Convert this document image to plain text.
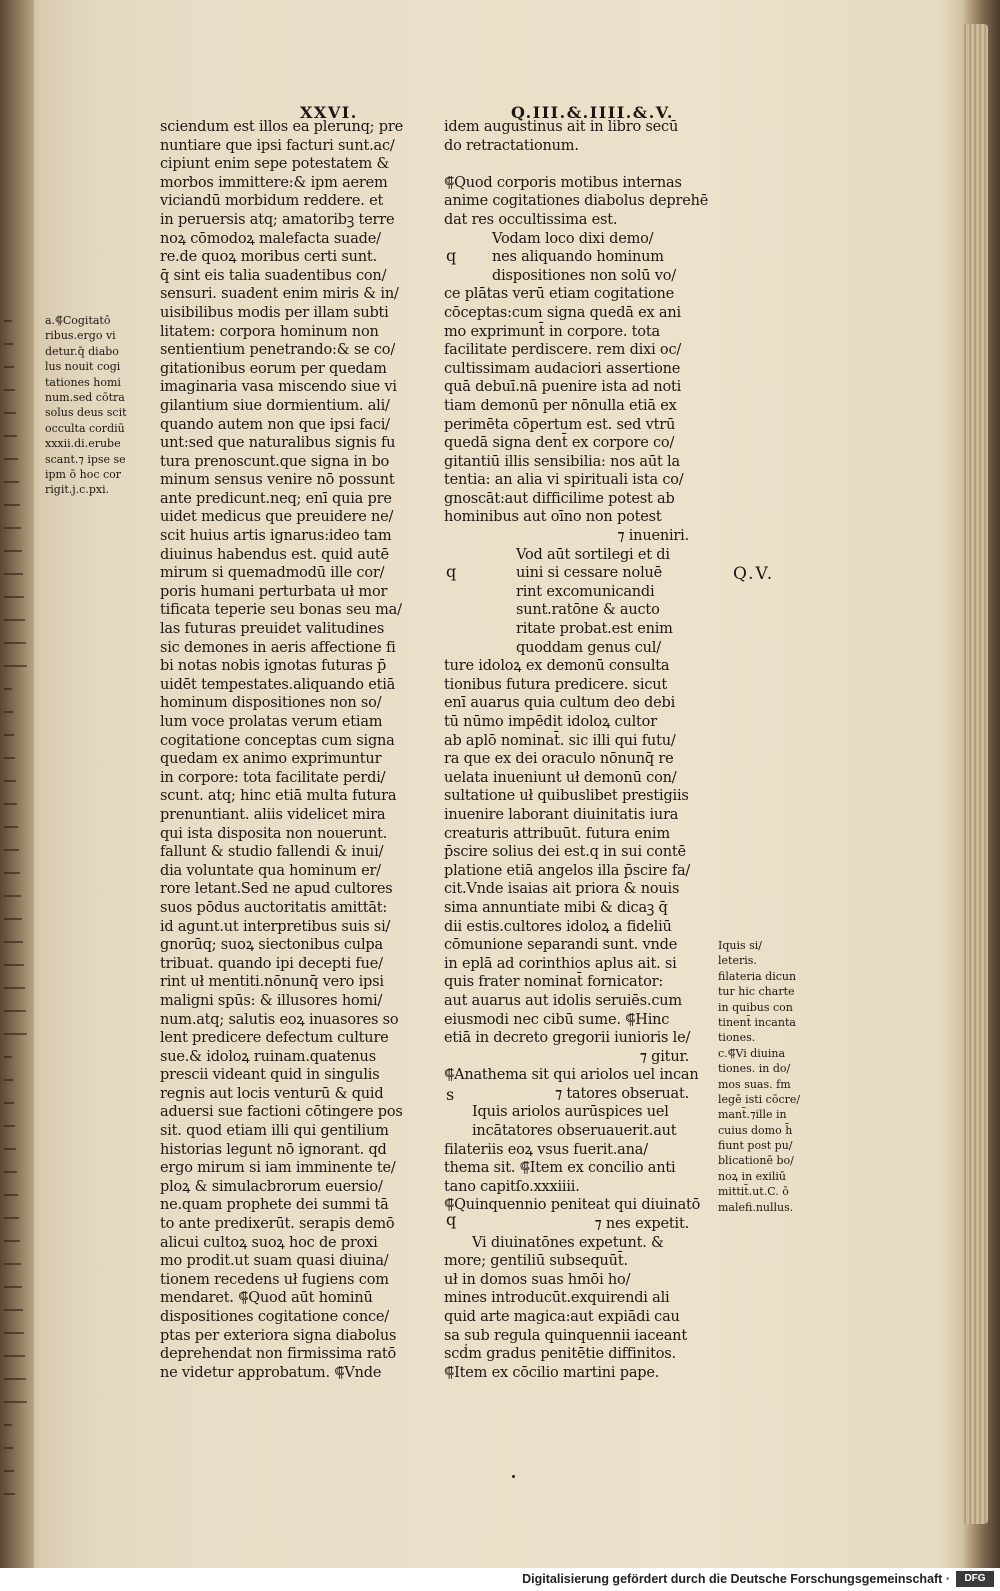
XXVI.	Q.III.&.IIII.&.V.
a.⸿Cogitatō
ribus.ergo vi
detur.q̄ diabo
lus nouit cogi
tationes homi
num.sed cōtra
solus deus scit
occulta cordiū
xxxii.di.erube
scant.⁊ ipse se
ipm ō hoc cor
rigit.j.c.pxi.
sciendum est illos ea plerunq; pre
nuntiare que ipsi facturi sunt.ac/
cipiunt enim sepe potestatem &
morbos immittere:& ipm aerem
viciandū morbidum reddere. et
in peruersis atq; amatoribꝫ terre
noꝝ cōmodoꝝ malefacta suade/
re.de quoꝝ moribus certi sunt.
q̄ sint eis talia suadentibus con/
sensuri. suadent enim miris & in/
uisibilibus modis per illam subti
litatem: corpora hominum non
sentientium penetrando:& se co/
gitationibus eorum per quedam
imaginaria vasa miscendo siue vi
gilantium siue dormientium. ali/
quando autem non que ipsi faci/
unt:sed que naturalibus signis fu
tura prenoscunt.que signa in bo
minum sensus venire nō possunt
ante predicunt.neq; enī quia pre
uidet medicus que preuidere ne/
scit huius artis ignarus:ideo tam
diuinus habendus est. quid autē
mirum si quemadmodū ille cor/
poris humani perturbata uł mor
tificata teperie seu bonas seu ma/
las futuras preuidet valitudines
sic demones in aeris affectione fi
bi notas nobis ignotas futuras p̄
uidēt tempestates.aliquando etiā
hominum dispositiones non so/
lum voce prolatas verum etiam
cogitatione conceptas cum signa
quedam ex animo exprimuntur
in corpore: tota facilitate perdi/
scunt. atq; hinc etiā multa futura
prenuntiant. aliis videlicet mira
qui ista disposita non nouerunt.
fallunt & studio fallendi & inui/
dia voluntate qua hominum er/
rore letant.Sed ne apud cultores
suos pōdus auctoritatis amittāt:
id agunt.ut interpretibus suis si/
gnorūq; suoꝝ siectonibus culpa
tribuat. quando ipi decepti fue/
rint uł mentiti.nōnunq̄ vero ipsi
maligni spūs: & illusores homi/
num.atq; salutis eoꝝ inuasores so
lent predicere defectum culture
sue.& idoloꝝ ruinam.quatenus
prescii videant quid in singulis
regnis aut locis venturū & quid
aduersi sue factioni cōtingere pos
sit. quod etiam illi qui gentilium
historias legunt nō ignorant. qd
ergo mirum si iam imminente te/
ploꝝ & simulacbrorum euersio/
ne.quam prophete dei summi tā
to ante predixerūt. serapis demō
alicui cultoꝝ suoꝝ hoc de proxi
mo prodit.ut suam quasi diuina/
tionem recedens uł fugiens com
mendaret. ⸿Quod aūt hominū
dispositiones cogitatione conce/
ptas per exteriora signa diabolus
deprehendat non firmissima ratō
ne videtur approbatum. ⸿Vnde
idem augustinus ait in libro secū
do retractationum.
⸿Quod corporis motibus internas
anime cogitationes diabolus deprehē
dat res occultissima est.
Vodam loco dixi demo/
nes aliquando hominum
dispositiones non solū vo/
ce plātas verū etiam cogitatione
cōceptas:cum signa quedā ex ani
mo exprimunt̄ in corpore. tota
facilitate perdiscere. rem dixi oc/
cultissimam audaciori assertione
quā debuī.nā puenire ista ad noti
tiam demonū per nōnulla etiā ex
perimēta cōpertum est. sed vtrū
quedā signa dent̄ ex corpore co/
gitantiū illis sensibilia: nos aūt la
tentia: an alia vi spirituali ista co/
gnoscāt:aut difficilime potest ab
hominibus aut oīno non potest
⁊ inueniri.
Vod aūt sortilegi et di
uini si cessare noluē
rint excomunicandi
sunt.ratōne & aucto
ritate probat.est enim
quoddam genus cul/
ture idoloꝝ ex demonū consulta
tionibus futura predicere. sicut
enī auarus quia cultum deo debi
tū nūmo impēdit idoloꝝ cultor
ab aplō nominat̄. sic illi qui futu/
ra que ex dei oraculo nōnunq̄ re
uelata inueniunt uł demonū con/
sultatione uł quibuslibet prestigiis
inuenire laborant diuinitatis iura
creaturis attribuūt. futura enim
p̄scire solius dei est.q in sui contē
platione etiā angelos illa p̄scire fa/
cit.Vnde isaias ait priora & nouis
sima annuntiate mibi & dicaꝫ q̄
dii estis.cultores idoloꝝ a fideliū
cōmunione separandi sunt. vnde
in eplā ad corinthios aplus ait. si
quis frater nominat̄ fornicator:
aut auarus aut idolis seruiēs.cum
eiusmodi nec cibū sume. ⸿Hinc
etiā in decreto gregorii iunioris le/
⁊ gitur.
⸿Anathema sit qui ariolos uel incan
⁊ tatores obseruat.
Iquis ariolos aurūspices uel
incātatores obseruauerit.aut
filateriis eoꝝ vsus fuerit.ana/
thema sit. ⸿Item ex concilio anti
tano capitſo.xxxiiii.
⸿Quinquennio peniteat qui diuinatō
⁊ nes expetit.
Vi diuinatōnes expetunt. &
more; gentiliū subsequūt̄.
uł in domos suas hmōi ho/
mines introducūt.exquirendi ali
quid arte magica:aut expiādi cau
sa sub regula quinquennii iaceant
scḋm gradus penitētie diffinitos.
⸿Item ex cōcilio martini pape.
q
q
s
q
Q.V.
Iquis si/
leteris.
filateria dicun
tur hic charte
in quibus con
tinent̄ incanta
tiones.
c.⸿Vi diuina
tiones. in do/
mos suas. fm
legē isti cōcre/
mant̄.⁊ille in
cuius domo h̄
fiunt post pu/
blicationē bo/
noꝝ in exiliū
mittit̄.ut.C. ō
malefi.nullus.
Digitalisierung gefördert durch die Deutsche Forschungsgemeinschaft ·	DFG
